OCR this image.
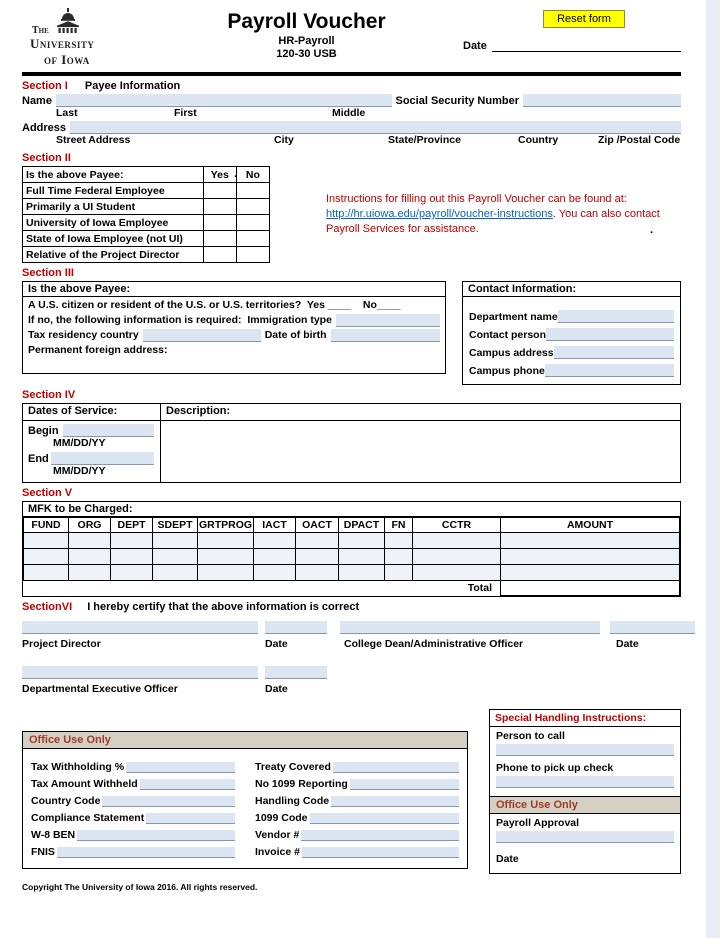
The
University
of Iowa
Payroll Voucher
HR-Payroll
120-30 USB
Reset form
Date
Section I Payee Information
Name	Social Security Number
Last	First	Middle
Address
Street Address	City	State/Province	Country	Zip /Postal Code
Section II
Is the above Payee:	Yes	No
Full Time Federal Employee		
Primarily a UI Student		
University of Iowa Employee		
State of Iowa Employee (not UI)		
Relative of the Project Director		
Instructions for filling out this Payroll Voucher can be found at: http://hr.uiowa.edu/payroll/voucher-instructions. You can also contact Payroll Services for assistance.
.
.
Section III
Is the above Payee:
A U.S. citizen or resident of the U.S. or U.S. territories?  Yes ____    No____
If no, the following information is required:  Immigration type
Tax residency country	Date of birth
Permanent foreign address:
Contact Information:
Department name
Contact person
Campus address
Campus phone
Section IV
Dates of Service:
Begin
MM/DD/YY
End
MM/DD/YY
Description:
Section V
MFK to be Charged:
FUND	ORG	DEPT	SDEPT	GRTPROG	IACT	OACT	DPACT	FN	CCTR	AMOUNT

Total										
SectionVI I hereby certify that the above information is correct
Project Director	Date	College Dean/Administrative Officer	Date
Departmental Executive Officer	Date
Office Use Only
Tax Withholding %
Tax Amount Withheld
Country Code
Compliance Statement
W-8 BEN
FNIS
Treaty Covered
No 1099 Reporting
Handling Code
1099 Code
Vendor #
Invoice #
Special Handling Instructions:
Person to call
Phone to pick up check
Office Use Only
Payroll Approval
Date
Copyright The University of Iowa 2016. All rights reserved.
